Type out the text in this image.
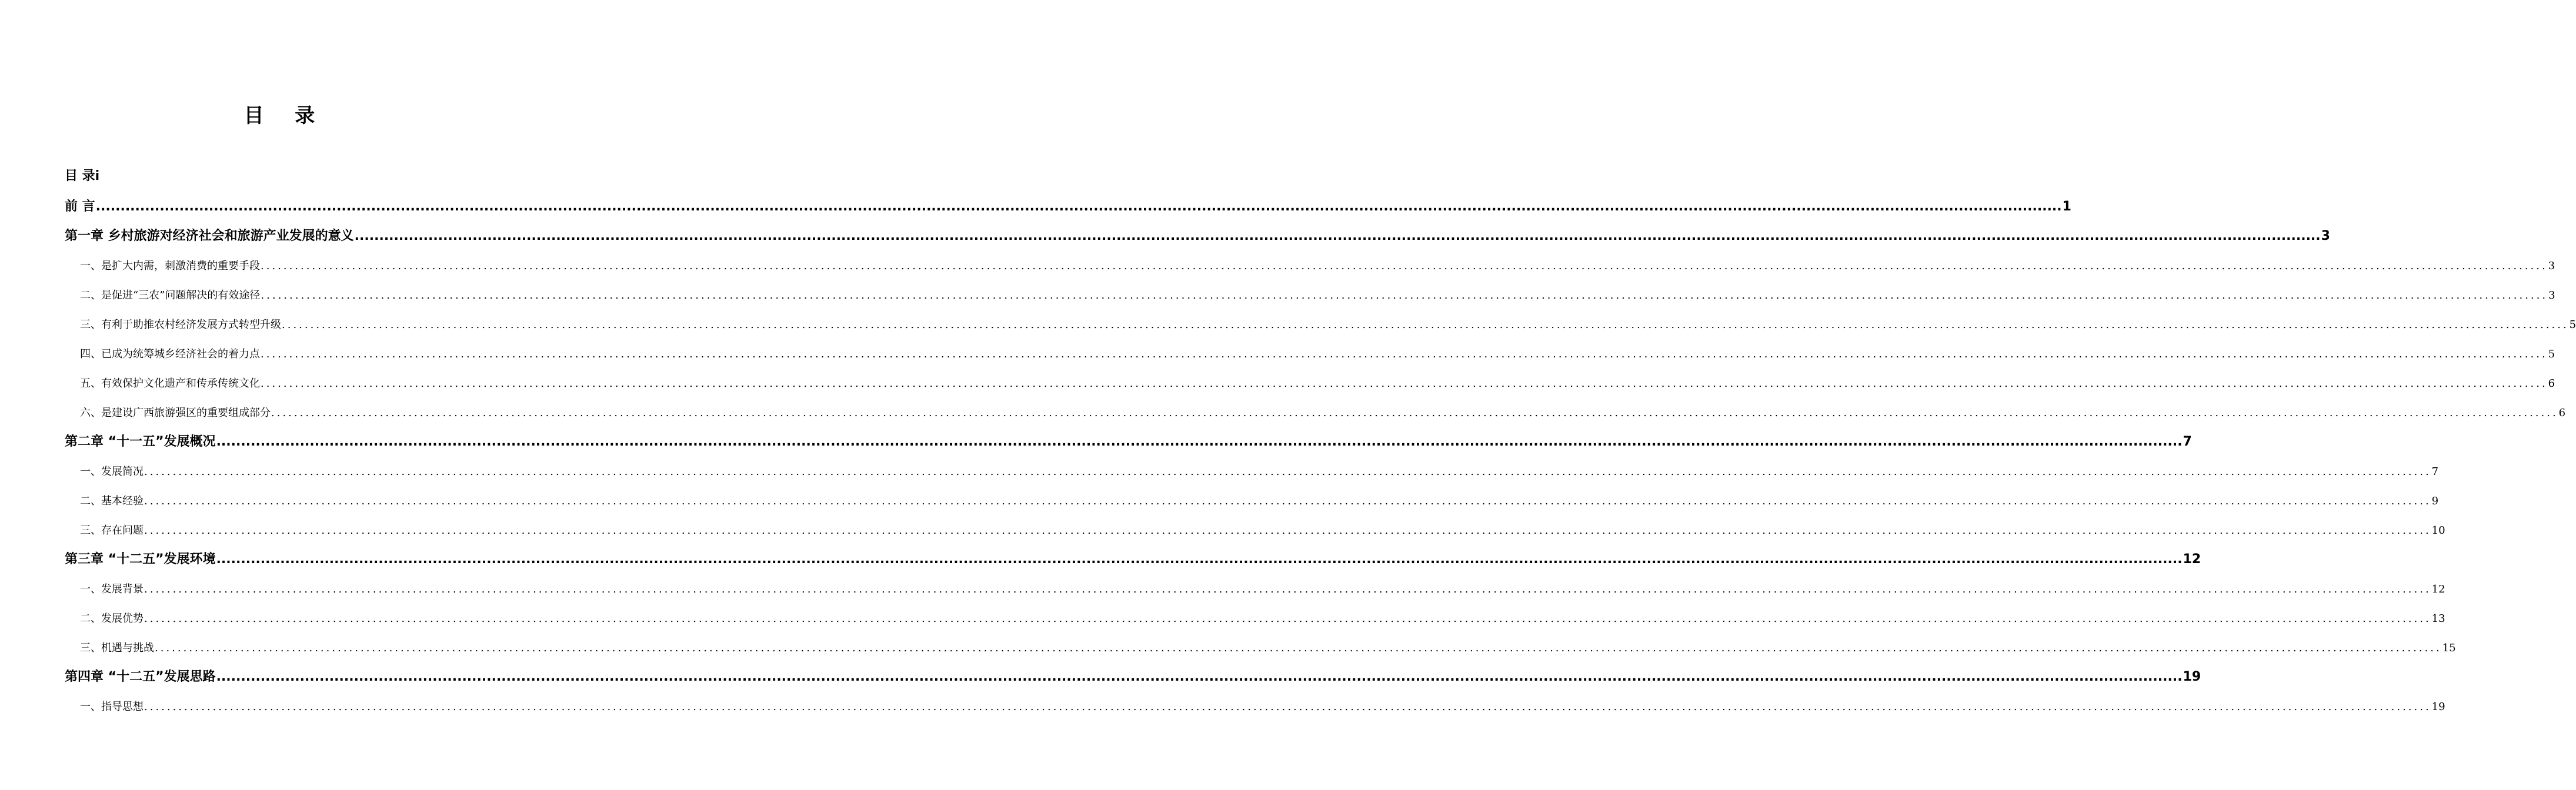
目 录
目 录i
前 言 ................................................................................................................................................................................................................................................................................................................................................................................................................ 1
第一章 乡村旅游对经济社会和旅游产业发展的意义 ................................................................................................................................................................................................................................................................................................................................................................................................................ 3
一、是扩大内需，刺激消费的重要手段 ................................................................................................................................................................................................................................................................................................................................................................................................................ 3
二、是促进“三农”问题解决的有效途径 ................................................................................................................................................................................................................................................................................................................................................................................................................ 3
三、有利于助推农村经济发展方式转型升级 ................................................................................................................................................................................................................................................................................................................................................................................................................ 5
四、已成为统筹城乡经济社会的着力点 ................................................................................................................................................................................................................................................................................................................................................................................................................ 5
五、有效保护文化遗产和传承传统文化 ................................................................................................................................................................................................................................................................................................................................................................................................................ 6
六、是建设广西旅游强区的重要组成部分 ................................................................................................................................................................................................................................................................................................................................................................................................................ 6
第二章 “十一五”发展概况 ................................................................................................................................................................................................................................................................................................................................................................................................................ 7
一、发展简况 ................................................................................................................................................................................................................................................................................................................................................................................................................ 7
二、基本经验 ................................................................................................................................................................................................................................................................................................................................................................................................................ 9
三、存在问题 ................................................................................................................................................................................................................................................................................................................................................................................................................ 10
第三章 “十二五”发展环境 ................................................................................................................................................................................................................................................................................................................................................................................................................ 12
一、发展背景 ................................................................................................................................................................................................................................................................................................................................................................................................................ 12
二、发展优势 ................................................................................................................................................................................................................................................................................................................................................................................................................ 13
三、机遇与挑战 ................................................................................................................................................................................................................................................................................................................................................................................................................ 15
第四章 “十二五”发展思路 ................................................................................................................................................................................................................................................................................................................................................................................................................ 19
一、指导思想 ................................................................................................................................................................................................................................................................................................................................................................................................................ 19
